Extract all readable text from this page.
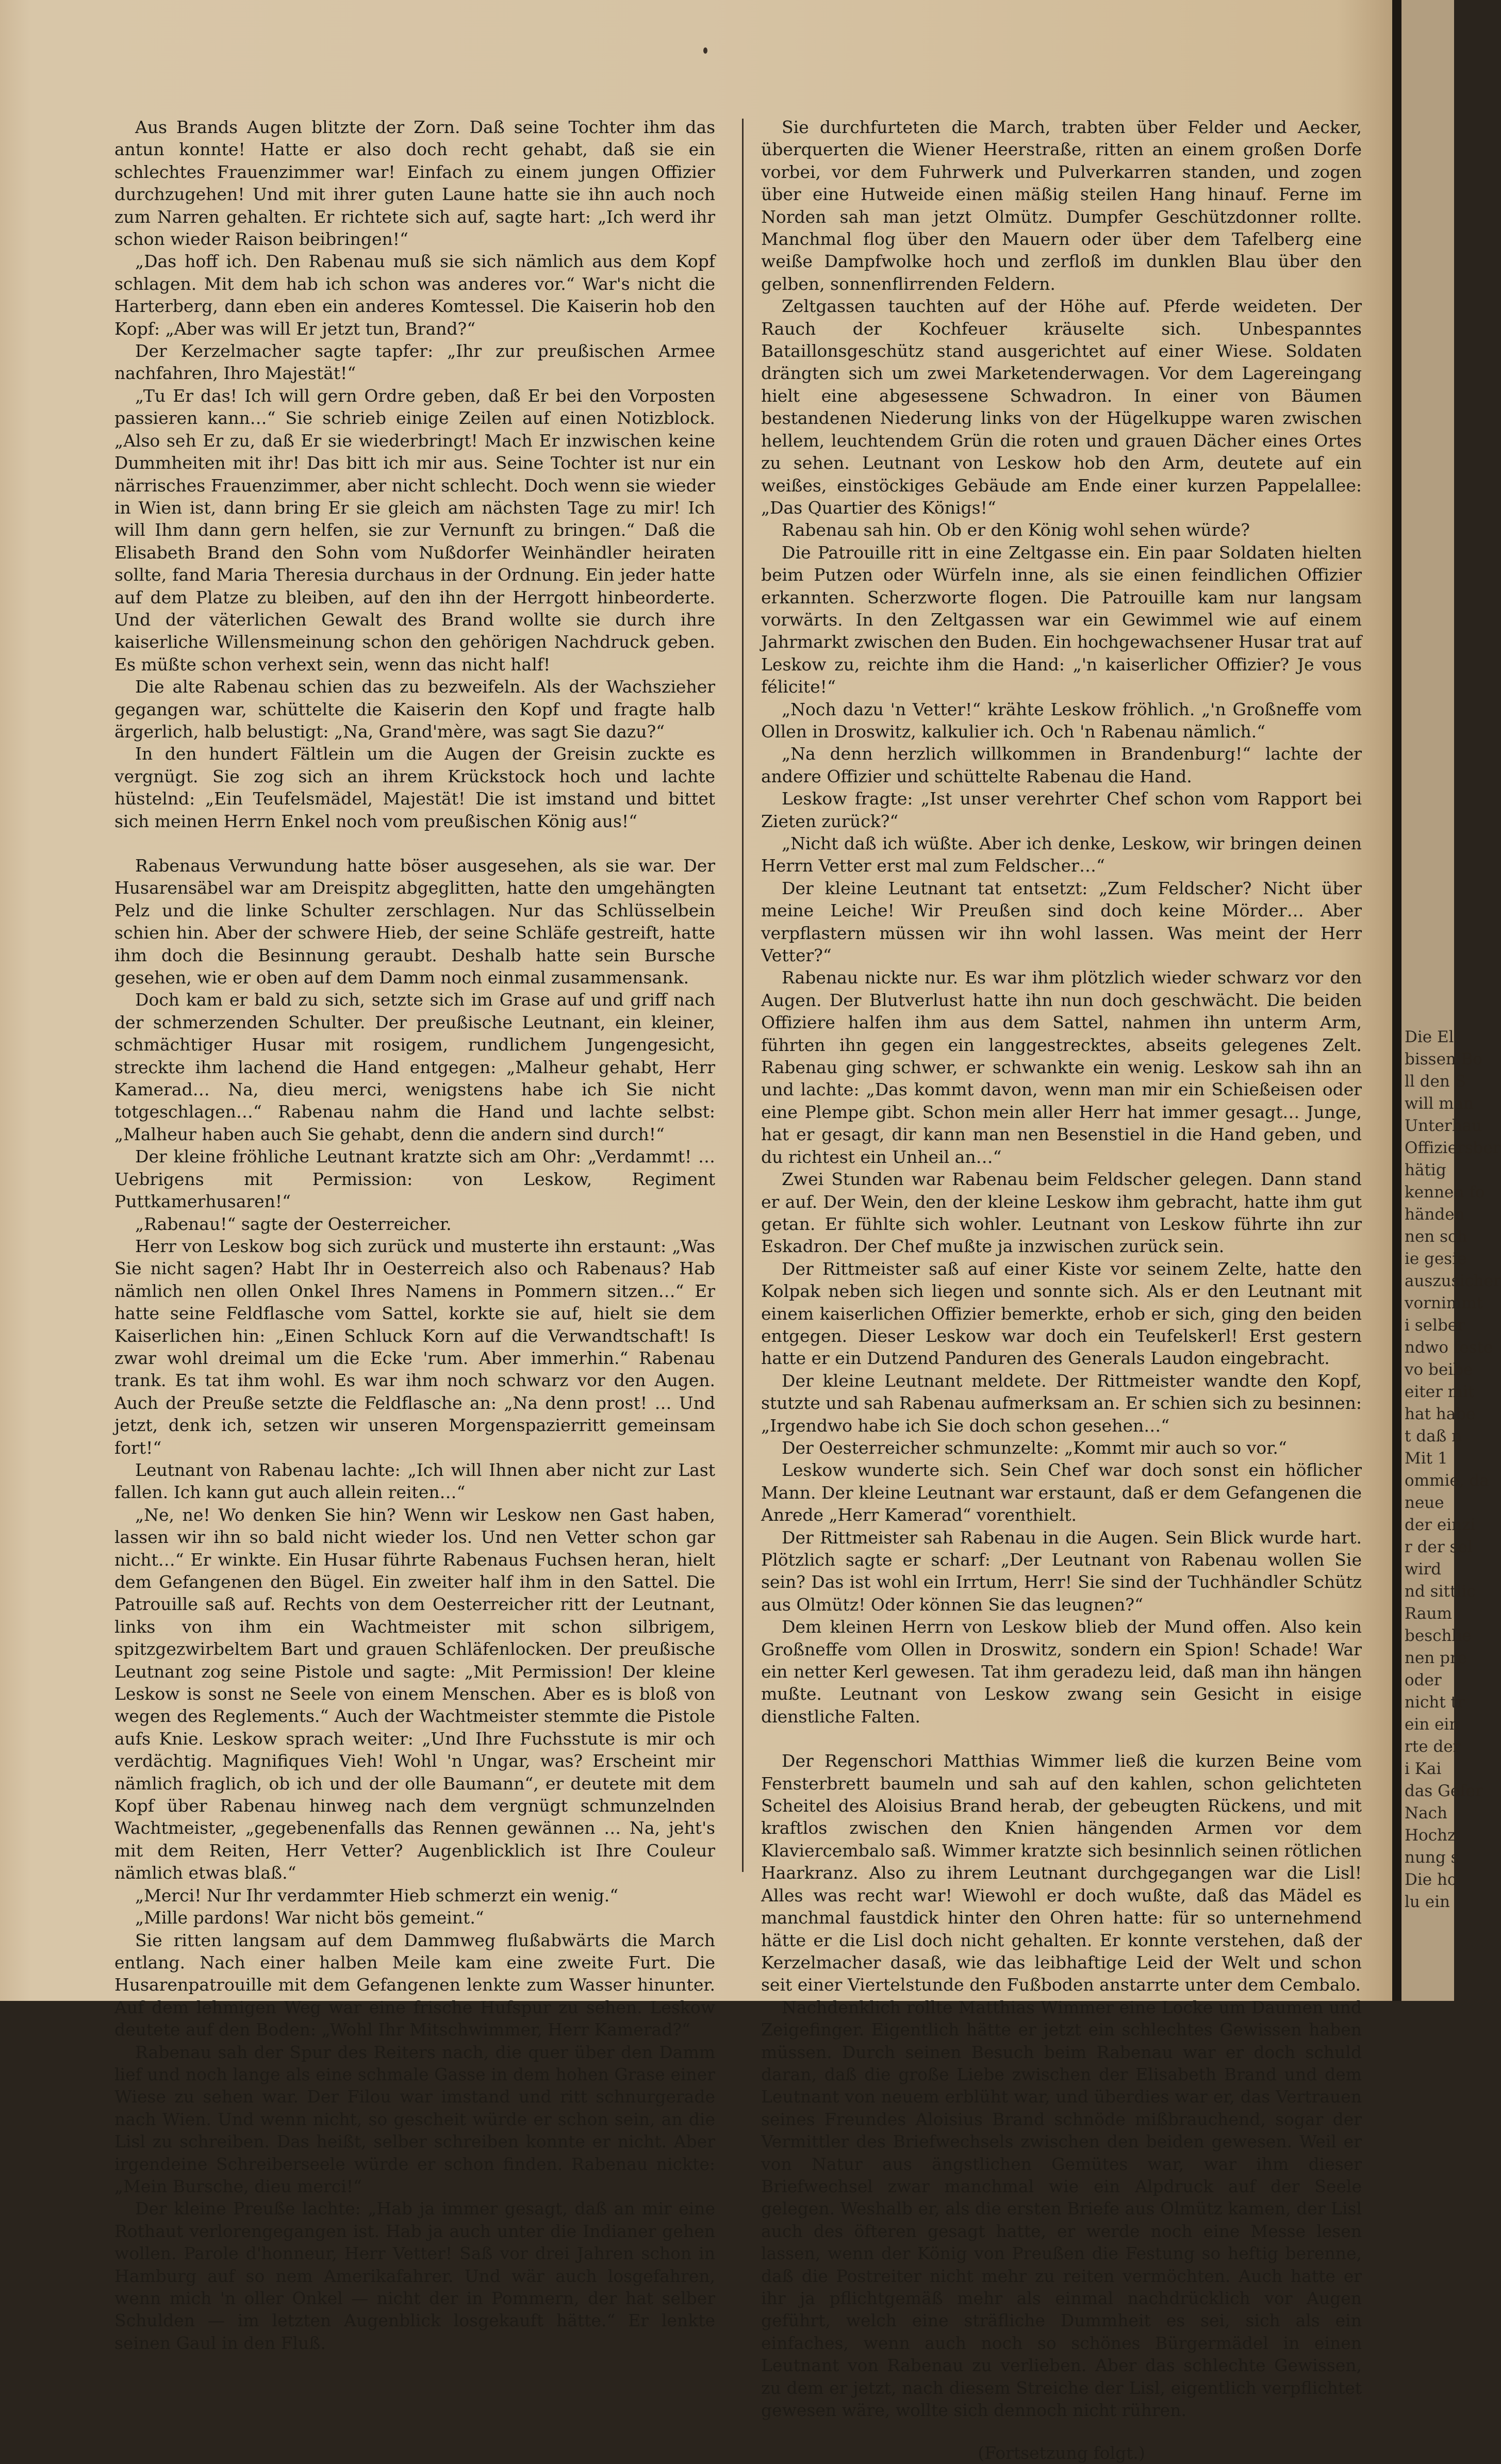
Aus Brands Augen blitzte der Zorn. Daß seine Tochter ihm das antun konnte! Hatte er also doch recht gehabt, daß sie ein schlechtes Frauenzimmer war! Einfach zu einem jungen Offizier durchzugehen! Und mit ihrer guten Laune hatte sie ihn auch noch zum Narren gehalten. Er richtete sich auf, sagte hart: „Ich werd ihr schon wieder Raison beibringen!“

„Das hoff ich. Den Rabenau muß sie sich nämlich aus dem Kopf schlagen. Mit dem hab ich schon was anderes vor.“ War's nicht die Harterberg, dann eben ein anderes Komtessel. Die Kaiserin hob den Kopf: „Aber was will Er jetzt tun, Brand?“

Der Kerzelmacher sagte tapfer: „Ihr zur preußischen Armee nachfahren, Ihro Majestät!“

„Tu Er das! Ich will gern Ordre geben, daß Er bei den Vorposten passieren kann…“ Sie schrieb einige Zeilen auf einen Notizblock. „Also seh Er zu, daß Er sie wiederbringt! Mach Er inzwischen keine Dummheiten mit ihr! Das bitt ich mir aus. Seine Tochter ist nur ein närrisches Frauenzimmer, aber nicht schlecht. Doch wenn sie wieder in Wien ist, dann bring Er sie gleich am nächsten Tage zu mir! Ich will Ihm dann gern helfen, sie zur Vernunft zu bringen.“ Daß die Elisabeth Brand den Sohn vom Nußdorfer Weinhändler heiraten sollte, fand Maria Theresia durchaus in der Ordnung. Ein jeder hatte auf dem Platze zu bleiben, auf den ihn der Herrgott hinbeorderte. Und der väterlichen Gewalt des Brand wollte sie durch ihre kaiserliche Willensmeinung schon den gehörigen Nachdruck geben. Es müßte schon verhext sein, wenn das nicht half!

Die alte Rabenau schien das zu bezweifeln. Als der Wachszieher gegangen war, schüttelte die Kaiserin den Kopf und fragte halb ärgerlich, halb belustigt: „Na, Grand'mère, was sagt Sie dazu?“

In den hundert Fältlein um die Augen der Greisin zuckte es vergnügt. Sie zog sich an ihrem Krückstock hoch und lachte hüstelnd: „Ein Teufelsmädel, Majestät! Die ist imstand und bittet sich meinen Herrn Enkel noch vom preußischen König aus!“

Rabenaus Verwundung hatte böser ausgesehen, als sie war. Der Husarensäbel war am Dreispitz abgeglitten, hatte den umgehängten Pelz und die linke Schulter zerschlagen. Nur das Schlüsselbein schien hin. Aber der schwere Hieb, der seine Schläfe gestreift, hatte ihm doch die Besinnung geraubt. Deshalb hatte sein Bursche gesehen, wie er oben auf dem Damm noch einmal zusammensank.

Doch kam er bald zu sich, setzte sich im Grase auf und griff nach der schmerzenden Schulter. Der preußische Leutnant, ein kleiner, schmächtiger Husar mit rosigem, rundlichem Jungengesicht, streckte ihm lachend die Hand entgegen: „Malheur gehabt, Herr Kamerad… Na, dieu merci, wenigstens habe ich Sie nicht totgeschlagen…“ Rabenau nahm die Hand und lachte selbst: „Malheur haben auch Sie gehabt, denn die andern sind durch!“

Der kleine fröhliche Leutnant kratzte sich am Ohr: „Verdammt! … Uebrigens mit Permission: von Leskow, Regiment Puttkamerhusaren!“

„Rabenau!“ sagte der Oesterreicher.

Herr von Leskow bog sich zurück und musterte ihn erstaunt: „Was Sie nicht sagen? Habt Ihr in Oesterreich also och Rabenaus? Hab nämlich nen ollen Onkel Ihres Namens in Pommern sitzen…“ Er hatte seine Feldflasche vom Sattel, korkte sie auf, hielt sie dem Kaiserlichen hin: „Einen Schluck Korn auf die Verwandtschaft! Is zwar wohl dreimal um die Ecke 'rum. Aber immerhin.“ Rabenau trank. Es tat ihm wohl. Es war ihm noch schwarz vor den Augen. Auch der Preuße setzte die Feldflasche an: „Na denn prost! … Und jetzt, denk ich, setzen wir unseren Morgenspazierritt gemeinsam fort!“

Leutnant von Rabenau lachte: „Ich will Ihnen aber nicht zur Last fallen. Ich kann gut auch allein reiten…“

„Ne, ne! Wo denken Sie hin? Wenn wir Leskow nen Gast haben, lassen wir ihn so bald nicht wieder los. Und nen Vetter schon gar nicht…“ Er winkte. Ein Husar führte Rabenaus Fuchsen heran, hielt dem Gefangenen den Bügel. Ein zweiter half ihm in den Sattel. Die Patrouille saß auf. Rechts von dem Oesterreicher ritt der Leutnant, links von ihm ein Wachtmeister mit schon silbrigem, spitzgezwirbeltem Bart und grauen Schläfenlocken. Der preußische Leutnant zog seine Pistole und sagte: „Mit Permission! Der kleine Leskow is sonst ne Seele von einem Menschen. Aber es is bloß von wegen des Reglements.“ Auch der Wachtmeister stemmte die Pistole aufs Knie. Leskow sprach weiter: „Und Ihre Fuchsstute is mir och verdächtig. Magnifiques Vieh! Wohl 'n Ungar, was? Erscheint mir nämlich fraglich, ob ich und der olle Baumann“, er deutete mit dem Kopf über Rabenau hinweg nach dem vergnügt schmunzelnden Wachtmeister, „gegebenenfalls das Rennen gewännen … Na, jeht's mit dem Reiten, Herr Vetter? Augenblicklich ist Ihre Couleur nämlich etwas blaß.“

„Merci! Nur Ihr verdammter Hieb schmerzt ein wenig.“

„Mille pardons! War nicht bös gemeint.“

Sie ritten langsam auf dem Dammweg flußabwärts die March entlang. Nach einer halben Meile kam eine zweite Furt. Die Husarenpatrouille mit dem Gefangenen lenkte zum Wasser hinunter. Auf dem lehmigen Weg war eine frische Hufspur zu sehen. Leskow deutete auf den Boden: „Wohl Ihr Mitschwimmer, Herr Kamerad?“

Rabenau sah der Spur des Reiters nach, die quer über den Damm lief und noch lange als eine schmale Gasse in dem hohen Grase einer Wiese zu sehen war. Der Filou war imstand und ritt schnurgerade nach Wien. Und wenn nicht, so gescheit würde er schon sein, an die Lisl zu schreiben. Das heißt, selber schreiben konnte er nicht. Aber irgendeine Schreiberseele würde er schon finden. Rabenau nickte: „Mein Bursche, dieu merci!“

Der kleine Preuße lachte: „Hab ja immer gesagt, daß an mir eine Rothaut verlorengegangen ist. Hab ja auch unter die Indianer gehen wollen. Parole d'honneur, Herr Vetter! Saß vor drei Jahren schon in Hamburg auf so nem Amerikafahrer. Und wär auch losgefahren, wenn mich 'n oller Onkel — nicht der in Pommern, der hat selber Schulden — im letzten Augenblick losgekauft hätte.“ Er lenkte seinen Gaul in den Fluß.

Sie durchfurteten die March, trabten über Felder und Aecker, überquerten die Wiener Heerstraße, ritten an einem großen Dorfe vorbei, vor dem Fuhrwerk und Pulverkarren standen, und zogen über eine Hutweide einen mäßig steilen Hang hinauf. Ferne im Norden sah man jetzt Olmütz. Dumpfer Geschützdonner rollte. Manchmal flog über den Mauern oder über dem Tafelberg eine weiße Dampfwolke hoch und zerfloß im dunklen Blau über den gelben, sonnenflirrenden Feldern.

Zeltgassen tauchten auf der Höhe auf. Pferde weideten. Der Rauch der Kochfeuer kräuselte sich. Unbespanntes Bataillonsgeschütz stand ausgerichtet auf einer Wiese. Soldaten drängten sich um zwei Marketenderwagen. Vor dem Lagereingang hielt eine abgesessene Schwadron. In einer von Bäumen bestandenen Niederung links von der Hügelkuppe waren zwischen hellem, leuchtendem Grün die roten und grauen Dächer eines Ortes zu sehen. Leutnant von Leskow hob den Arm, deutete auf ein weißes, einstöckiges Gebäude am Ende einer kurzen Pappelallee: „Das Quartier des Königs!“

Rabenau sah hin. Ob er den König wohl sehen würde?

Die Patrouille ritt in eine Zeltgasse ein. Ein paar Soldaten hielten beim Putzen oder Würfeln inne, als sie einen feindlichen Offizier erkannten. Scherzworte flogen. Die Patrouille kam nur langsam vorwärts. In den Zeltgassen war ein Gewimmel wie auf einem Jahrmarkt zwischen den Buden. Ein hochgewachsener Husar trat auf Leskow zu, reichte ihm die Hand: „'n kaiserlicher Offizier? Je vous félicite!“

„Noch dazu 'n Vetter!“ krähte Leskow fröhlich. „'n Großneffe vom Ollen in Droswitz, kalkulier ich. Och 'n Rabenau nämlich.“

„Na denn herzlich willkommen in Brandenburg!“ lachte der andere Offizier und schüttelte Rabenau die Hand.

Leskow fragte: „Ist unser verehrter Chef schon vom Rapport bei Zieten zurück?“

„Nicht daß ich wüßte. Aber ich denke, Leskow, wir bringen deinen Herrn Vetter erst mal zum Feldscher…“

Der kleine Leutnant tat entsetzt: „Zum Feldscher? Nicht über meine Leiche! Wir Preußen sind doch keine Mörder… Aber verpflastern müssen wir ihn wohl lassen. Was meint der Herr Vetter?“

Rabenau nickte nur. Es war ihm plötzlich wieder schwarz vor den Augen. Der Blutverlust hatte ihn nun doch geschwächt. Die beiden Offiziere halfen ihm aus dem Sattel, nahmen ihn unterm Arm, führten ihn gegen ein langgestrecktes, abseits gelegenes Zelt. Rabenau ging schwer, er schwankte ein wenig. Leskow sah ihn an und lachte: „Das kommt davon, wenn man mir ein Schießeisen oder eine Plempe gibt. Schon mein aller Herr hat immer gesagt… Junge, hat er gesagt, dir kann man nen Besenstiel in die Hand geben, und du richtest ein Unheil an…“

Zwei Stunden war Rabenau beim Feldscher gelegen. Dann stand er auf. Der Wein, den der kleine Leskow ihm gebracht, hatte ihm gut getan. Er fühlte sich wohler. Leutnant von Leskow führte ihn zur Eskadron. Der Chef mußte ja inzwischen zurück sein.

Der Rittmeister saß auf einer Kiste vor seinem Zelte, hatte den Kolpak neben sich liegen und sonnte sich. Als er den Leutnant mit einem kaiserlichen Offizier bemerkte, erhob er sich, ging den beiden entgegen. Dieser Leskow war doch ein Teufelskerl! Erst gestern hatte er ein Dutzend Panduren des Generals Laudon eingebracht.

Der kleine Leutnant meldete. Der Rittmeister wandte den Kopf, stutzte und sah Rabenau aufmerksam an. Er schien sich zu besinnen: „Irgendwo habe ich Sie doch schon gesehen…“

Der Oesterreicher schmunzelte: „Kommt mir auch so vor.“

Leskow wunderte sich. Sein Chef war doch sonst ein höflicher Mann. Der kleine Leutnant war erstaunt, daß er dem Gefangenen die Anrede „Herr Kamerad“ vorenthielt.

Der Rittmeister sah Rabenau in die Augen. Sein Blick wurde hart. Plötzlich sagte er scharf: „Der Leutnant von Rabenau wollen Sie sein? Das ist wohl ein Irrtum, Herr! Sie sind der Tuchhändler Schütz aus Olmütz! Oder können Sie das leugnen?“

Dem kleinen Herrn von Leskow blieb der Mund offen. Also kein Großneffe vom Ollen in Droswitz, sondern ein Spion! Schade! War ein netter Kerl gewesen. Tat ihm geradezu leid, daß man ihn hängen mußte. Leutnant von Leskow zwang sein Gesicht in eisige dienstliche Falten.

Der Regenschori Matthias Wimmer ließ die kurzen Beine vom Fensterbrett baumeln und sah auf den kahlen, schon gelichteten Scheitel des Aloisius Brand herab, der gebeugten Rückens, und mit kraftlos zwischen den Knien hängenden Armen vor dem Klaviercembalo saß. Wimmer kratzte sich besinnlich seinen rötlichen Haarkranz. Also zu ihrem Leutnant durchgegangen war die Lisl! Alles was recht war! Wiewohl er doch wußte, daß das Mädel es manchmal faustdick hinter den Ohren hatte: für so unternehmend hätte er die Lisl doch nicht gehalten. Er konnte verstehen, daß der Kerzelmacher dasaß, wie das leibhaftige Leid der Welt und schon seit einer Viertelstunde den Fußboden anstarrte unter dem Cembalo.

Nachdenklich rollte Matthias Wimmer eine Locke um Daumen und Zeigefinger. Eigentlich hätte er jetzt ein schlechtes Gewissen haben müssen. Durch seinen Besuch beim Rabenau war er doch schuld daran, daß die große Liebe zwischen der Elisabeth Brand und dem Leutnant von neuem erblüht war, und überdies war er, das Vertrauen seines Freundes Aloisius Brand schnöde mißbrauchend, sogar der Vermittler des Briefwechsels zwischen den beiden gewesen. Weil er von Natur aus ängstlichen Gemütes war, war ihm dieser Briefwechsel zwar manchmal wie ein Alpdruck auf der Seele gelegen. Weshalb er, als die ersten Briefe aus Olmütz kamen, der Lisl auch des öfteren gesagt hatte, er werde noch eine Messe lesen lassen, wenn der König von Preußen die Festung so heftig berenne, daß die Postreiter nicht mehr zu reiten vermöchten. Auch hatte er ihr ja pflichtgemäß mehr als einmal nachdrücklich vor Augen geführt, welch eine sträfliche Dummheit es sei, sich als ein einfaches, wenn auch noch so schönes Bürgermädel in einen Leutnant von Rabenau zu verlieben. Aber das schlechte Gewissen, zu dem er jetzt, nach diesem Streiche der Lisl, eigentlich verpflichtet gewesen wäre, wollte sich dennoch nicht rühren.

(Fortsetzung folgt.)
Die El
bissen Bo
ll den S
will man
Unterhau
Offiziersber
hätig
kennen fo
händen
nen sch
ie gesie
auszusicher
vornimmt
i selber
ndwo feste
vo beibe
eiter mit
hat habe
t daß n
Mit 1
ommie, da
neue
der einzi
r der sel
wird
nd sittlic
Raum
beschlie
nen pre
oder
nicht tr
ein ein
rte der
i Kai
das Gefer
Nach
Hochz
nung s
Die ho
lu ein
